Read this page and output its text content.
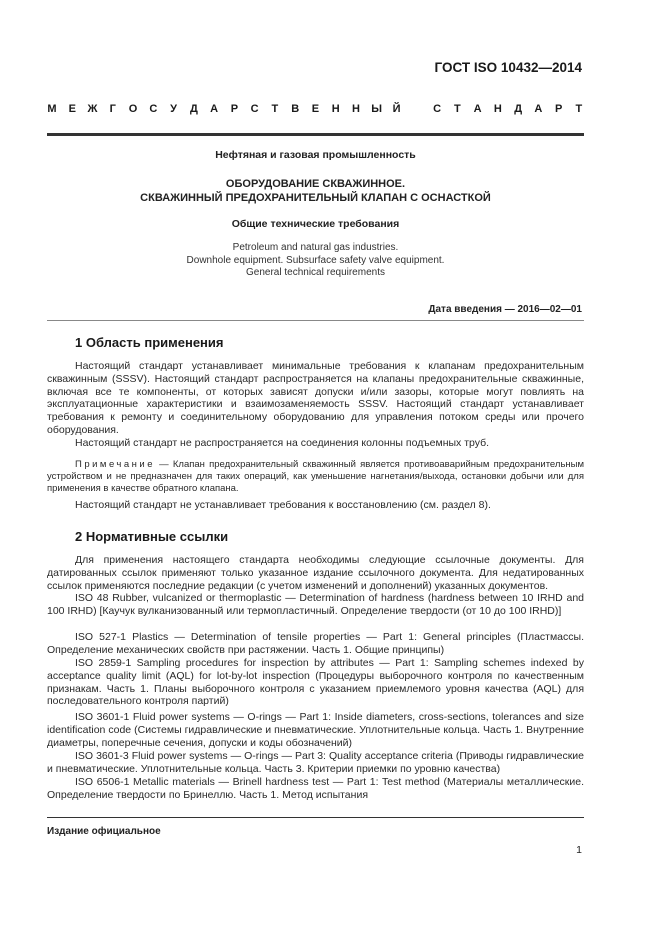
ГОСТ ISO 10432—2014
М Е Ж Г О С У Д А Р С Т В Е Н Н Ы Й
	С Т А Н Д А Р Т
Нефтяная и газовая промышленность
ОБОРУДОВАНИЕ СКВАЖИННОЕ.
СКВАЖИННЫЙ ПРЕДОХРАНИТЕЛЬНЫЙ КЛАПАН С ОСНАСТКОЙ
Общие технические требования
Petroleum and natural gas industries.
Downhole equipment. Subsurface safety valve equipment.
General technical requirements
Дата введения — 2016—02—01
1 Область применения
Настоящий стандарт устанавливает минимальные требования к клапанам предохранительным скважинным (SSSV). Настоящий стандарт распространяется на клапаны предохранительные скважинные, включая все те компоненты, от которых зависят допуски и/или зазоры, которые могут повлиять на эксплуатационные характеристики и взаимозаменяемость SSSV. Настоящий стандарт устанавливает требования к ремонту и соединительному оборудованию для управления потоком среды или прочего оборудования.
Настоящий стандарт не распространяется на соединения колонны подъемных труб.
Примечание — Клапан предохранительный скважинный является противоаварийным предохранительным устройством и не предназначен для таких операций, как уменьшение нагнетания/выхода, остановки добычи или для применения в качестве обратного клапана.
Настоящий стандарт не устанавливает требования к восстановлению (см. раздел 8).
2 Нормативные ссылки
Для применения настоящего стандарта необходимы следующие ссылочные документы. Для датированных ссылок применяют только указанное издание ссылочного документа. Для недатированных ссылок применяются последние редакции (с учетом изменений и дополнений) указанных документов.
ISO 48 Rubber, vulcanized or thermoplastic — Determination of hardness (hardness between 10 IRHD and 100 IRHD) [Каучук вулканизованный или термопластичный. Определение твердости (от 10 до 100 IRHD)]
ISO 527-1 Plastics — Determination of tensile properties — Part 1: General principles (Пластмассы. Определение механических свойств при растяжении. Часть 1. Общие принципы)
ISO 2859-1 Sampling procedures for inspection by attributes — Part 1: Sampling schemes indexed by acceptance quality limit (AQL) for lot-by-lot inspection (Процедуры выборочного контроля по качественным признакам. Часть 1. Планы выборочного контроля с указанием приемлемого уровня качества (AQL) для последовательного контроля партий)
ISO 3601-1 Fluid power systems — O-rings — Part 1: Inside diameters, cross-sections, tolerances and size identification code (Системы гидравлические и пневматические. Уплотнительные кольца. Часть 1. Внутренние диаметры, поперечные сечения, допуски и коды обозначений)
ISO 3601-3 Fluid power systems — O-rings — Part 3: Quality acceptance criteria (Приводы гидравлические и пневматические. Уплотнительные кольца. Часть 3. Критерии приемки по уровню качества)
ISO 6506-1 Metallic materials — Brinell hardness test — Part 1: Test method (Материалы металлические. Определение твердости по Бринеллю. Часть 1. Метод испытания
Издание официальное
1
